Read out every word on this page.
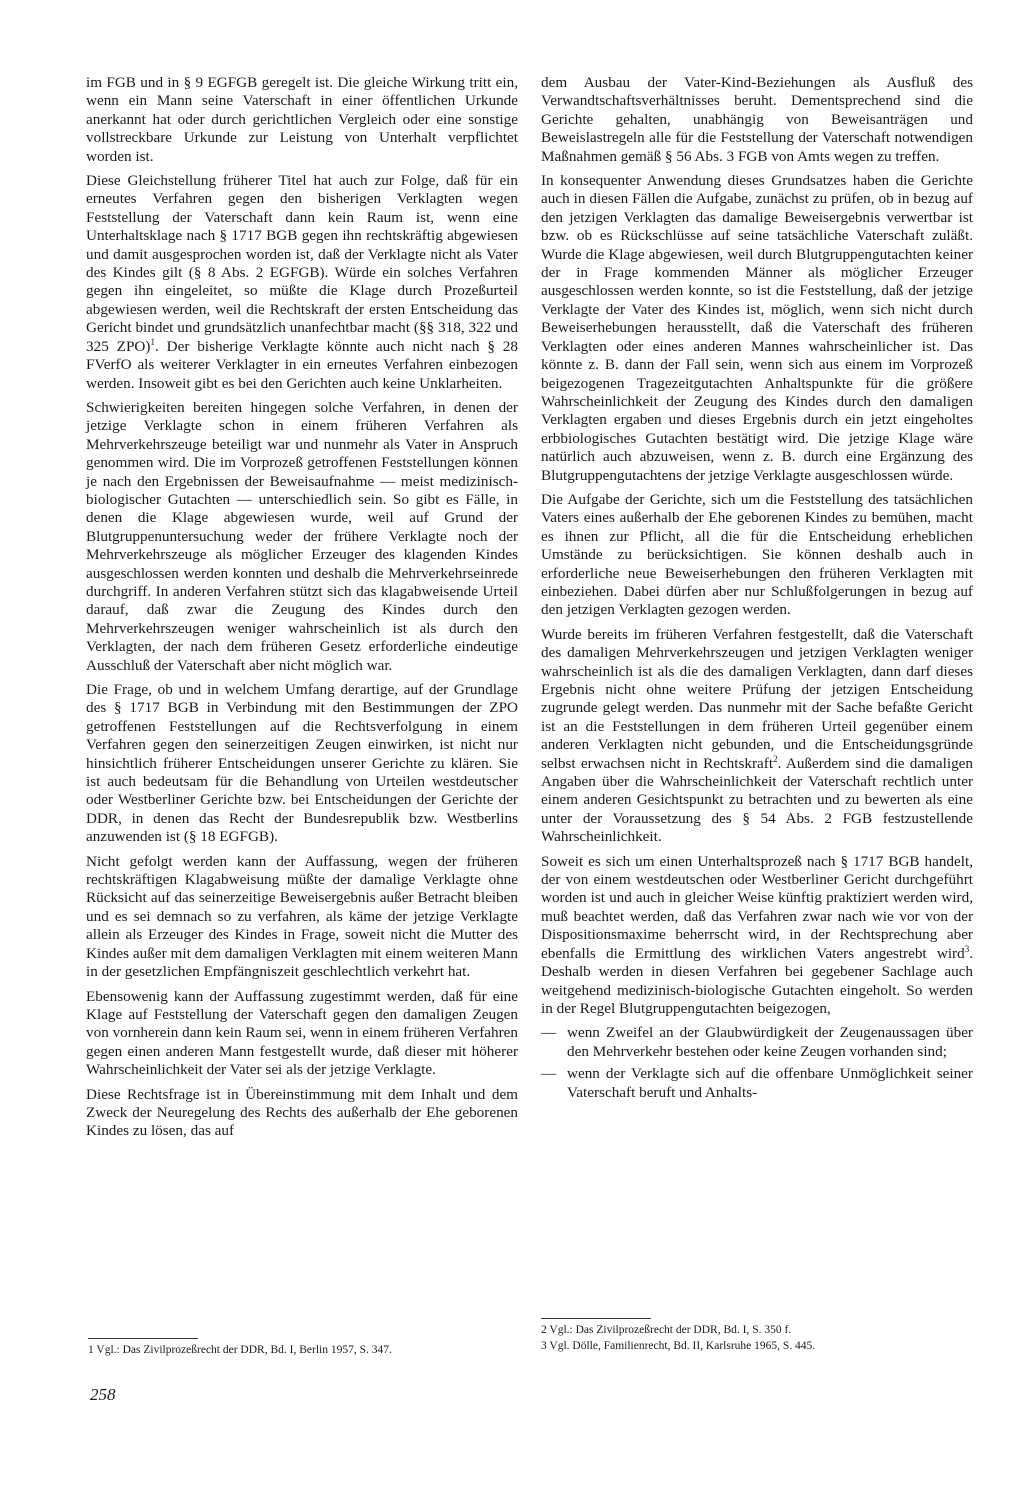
im FGB und in § 9 EGFGB geregelt ist. Die gleiche Wirkung tritt ein, wenn ein Mann seine Vaterschaft in einer öffentlichen Urkunde anerkannt hat oder durch gerichtlichen Vergleich oder eine sonstige vollstreckbare Urkunde zur Leistung von Unterhalt verpflichtet worden ist.

Diese Gleichstellung früherer Titel hat auch zur Folge, daß für ein erneutes Verfahren gegen den bisherigen Verklagten wegen Feststellung der Vaterschaft dann kein Raum ist, wenn eine Unterhaltsklage nach § 1717 BGB gegen ihn rechtskräftig abgewiesen und damit ausgesprochen worden ist, daß der Verklagte nicht als Vater des Kindes gilt (§ 8 Abs. 2 EGFGB). Würde ein solches Verfahren gegen ihn eingeleitet, so müßte die Klage durch Prozeßurteil abgewiesen werden, weil die Rechtskraft der ersten Entscheidung das Gericht bindet und grundsätzlich unanfechtbar macht (§§ 318, 322 und 325 ZPO)$^1$. Der bisherige Verklagte könnte auch nicht nach § 28 FVerfO als weiterer Verklagter in ein erneutes Verfahren einbezogen werden. Insoweit gibt es bei den Gerichten auch keine Unklarheiten.

Schwierigkeiten bereiten hingegen solche Verfahren, in denen der jetzige Verklagte schon in einem früheren Verfahren als Mehrverkehrszeuge beteiligt war und nunmehr als Vater in Anspruch genommen wird. Die im Vorprozeß getroffenen Feststellungen können je nach den Ergebnissen der Beweisaufnahme — meist medizinisch-biologischer Gutachten — unterschiedlich sein. So gibt es Fälle, in denen die Klage abgewiesen wurde, weil auf Grund der Blutgruppenuntersuchung weder der frühere Verklagte noch der Mehrverkehrszeuge als möglicher Erzeuger des klagenden Kindes ausgeschlossen werden konnten und deshalb die Mehrverkehrseinrede durchgriff. In anderen Verfahren stützt sich das klagabweisende Urteil darauf, daß zwar die Zeugung des Kindes durch den Mehrverkehrszeugen weniger wahrscheinlich ist als durch den Verklagten, der nach dem früheren Gesetz erforderliche eindeutige Ausschluß der Vaterschaft aber nicht möglich war.

Die Frage, ob und in welchem Umfang derartige, auf der Grundlage des § 1717 BGB in Verbindung mit den Bestimmungen der ZPO getroffenen Feststellungen auf die Rechtsverfolgung in einem Verfahren gegen den seinerzeitigen Zeugen einwirken, ist nicht nur hinsichtlich früherer Entscheidungen unserer Gerichte zu klären. Sie ist auch bedeutsam für die Behandlung von Urteilen westdeutscher oder Westberliner Gerichte bzw. bei Entscheidungen der Gerichte der DDR, in denen das Recht der Bundesrepublik bzw. Westberlins anzuwenden ist (§ 18 EGFGB).

Nicht gefolgt werden kann der Auffassung, wegen der früheren rechtskräftigen Klagabweisung müßte der damalige Verklagte ohne Rücksicht auf das seinerzeitige Beweisergebnis außer Betracht bleiben und es sei demnach so zu verfahren, als käme der jetzige Verklagte allein als Erzeuger des Kindes in Frage, soweit nicht die Mutter des Kindes außer mit dem damaligen Verklagten mit einem weiteren Mann in der gesetzlichen Empfängniszeit geschlechtlich verkehrt hat.

Ebensowenig kann der Auffassung zugestimmt werden, daß für eine Klage auf Feststellung der Vaterschaft gegen den damaligen Zeugen von vornherein dann kein Raum sei, wenn in einem früheren Verfahren gegen einen anderen Mann festgestellt wurde, daß dieser mit höherer Wahrscheinlichkeit der Vater sei als der jetzige Verklagte.

Diese Rechtsfrage ist in Übereinstimmung mit dem Inhalt und dem Zweck der Neuregelung des Rechts des außerhalb der Ehe geborenen Kindes zu lösen, das auf

dem Ausbau der Vater-Kind-Beziehungen als Ausfluß des Verwandtschaftsverhältnisses beruht. Dementsprechend sind die Gerichte gehalten, unabhängig von Beweisanträgen und Beweislastregeln alle für die Feststellung der Vaterschaft notwendigen Maßnahmen gemäß § 56 Abs. 3 FGB von Amts wegen zu treffen.

In konsequenter Anwendung dieses Grundsatzes haben die Gerichte auch in diesen Fällen die Aufgabe, zunächst zu prüfen, ob in bezug auf den jetzigen Verklagten das damalige Beweisergebnis verwertbar ist bzw. ob es Rückschlüsse auf seine tatsächliche Vaterschaft zuläßt. Wurde die Klage abgewiesen, weil durch Blutgruppengutachten keiner der in Frage kommenden Männer als möglicher Erzeuger ausgeschlossen werden konnte, so ist die Feststellung, daß der jetzige Verklagte der Vater des Kindes ist, möglich, wenn sich nicht durch Beweiserhebungen herausstellt, daß die Vaterschaft des früheren Verklagten oder eines anderen Mannes wahrscheinlicher ist. Das könnte z. B. dann der Fall sein, wenn sich aus einem im Vorprozeß beigezogenen Tragezeitgutachten Anhaltspunkte für die größere Wahrscheinlichkeit der Zeugung des Kindes durch den damaligen Verklagten ergaben und dieses Ergebnis durch ein jetzt eingeholtes erbbiologisches Gutachten bestätigt wird. Die jetzige Klage wäre natürlich auch abzuweisen, wenn z. B. durch eine Ergänzung des Blutgruppengutachtens der jetzige Verklagte ausgeschlossen würde.

Die Aufgabe der Gerichte, sich um die Feststellung des tatsächlichen Vaters eines außerhalb der Ehe geborenen Kindes zu bemühen, macht es ihnen zur Pflicht, all die für die Entscheidung erheblichen Umstände zu berücksichtigen. Sie können deshalb auch in erforderliche neue Beweiserhebungen den früheren Verklagten mit einbeziehen. Dabei dürfen aber nur Schlußfolgerungen in bezug auf den jetzigen Verklagten gezogen werden.

Wurde bereits im früheren Verfahren festgestellt, daß die Vaterschaft des damaligen Mehrverkehrszeugen und jetzigen Verklagten weniger wahrscheinlich ist als die des damaligen Verklagten, dann darf dieses Ergebnis nicht ohne weitere Prüfung der jetzigen Entscheidung zugrunde gelegt werden. Das nunmehr mit der Sache befaßte Gericht ist an die Feststellungen in dem früheren Urteil gegenüber einem anderen Verklagten nicht gebunden, und die Entscheidungsgründe selbst erwachsen nicht in Rechtskraft$^2$. Außerdem sind die damaligen Angaben über die Wahrscheinlichkeit der Vaterschaft rechtlich unter einem anderen Gesichtspunkt zu betrachten und zu bewerten als eine unter der Voraussetzung des § 54 Abs. 2 FGB festzustellende Wahrscheinlichkeit.

Soweit es sich um einen Unterhaltsprozeß nach § 1717 BGB handelt, der von einem westdeutschen oder Westberliner Gericht durchgeführt worden ist und auch in gleicher Weise künftig praktiziert werden wird, muß beachtet werden, daß das Verfahren zwar nach wie vor von der Dispositionsmaxime beherrscht wird, in der Rechtsprechung aber ebenfalls die Ermittlung des wirklichen Vaters angestrebt wird$^3$. Deshalb werden in diesen Verfahren bei gegebener Sachlage auch weitgehend medizinisch-biologische Gutachten eingeholt. So werden in der Regel Blutgruppengutachten beigezogen,

— wenn Zweifel an der Glaubwürdigkeit der Zeugenaussagen über den Mehrverkehr bestehen oder keine Zeugen vorhanden sind;
— wenn der Verklagte sich auf die offenbare Unmöglichkeit seiner Vaterschaft beruft und Anhalts-
1 Vgl.: Das Zivilprozeßrecht der DDR, Bd. I, Berlin 1957, S. 347.
2 Vgl.: Das Zivilprozeßrecht der DDR, Bd. I, S. 350 f.
3 Vgl. Dölle, Familienrecht, Bd. II, Karlsruhe 1965, S. 445.
258
